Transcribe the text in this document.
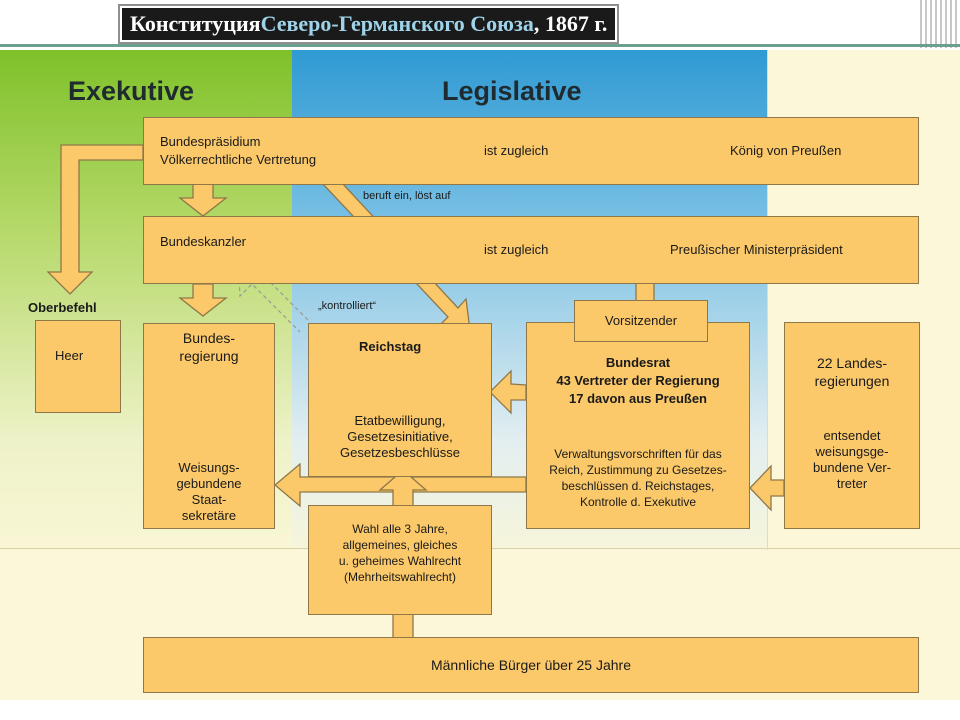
Конституция Северо-Германского Союза , 1867 г.
Exekutive	Legislative
Bundespräsidium
Völkerrechtliche Vertretung
ist zugleich	König von Preußen
beruft ein, löst auf
Bundeskanzler
ist zugleich	Preußischer Ministerpräsident
„kontrolliert“
Oberbefehl
Heer
Bundes-
regierung
Weisungs-
gebundene
Staat-
sekretäre
Reichstag
Etatbewilligung,
Gesetzesinitiative,
Gesetzesbeschlüsse
Bundesrat
43 Vertreter der Regierung
17 davon aus Preußen
Verwaltungsvorschriften für das
Reich, Zustimmung zu Gesetzes-
beschlüssen d. Reichstages,
Kontrolle d. Exekutive
Vorsitzender
22 Landes-
regierungen
entsendet
weisungsge-
bundene Ver-
treter
Wahl alle 3 Jahre,
allgemeines, gleiches
u. geheimes Wahlrecht
(Mehrheitswahlrecht)
Männliche Bürger über 25 Jahre
